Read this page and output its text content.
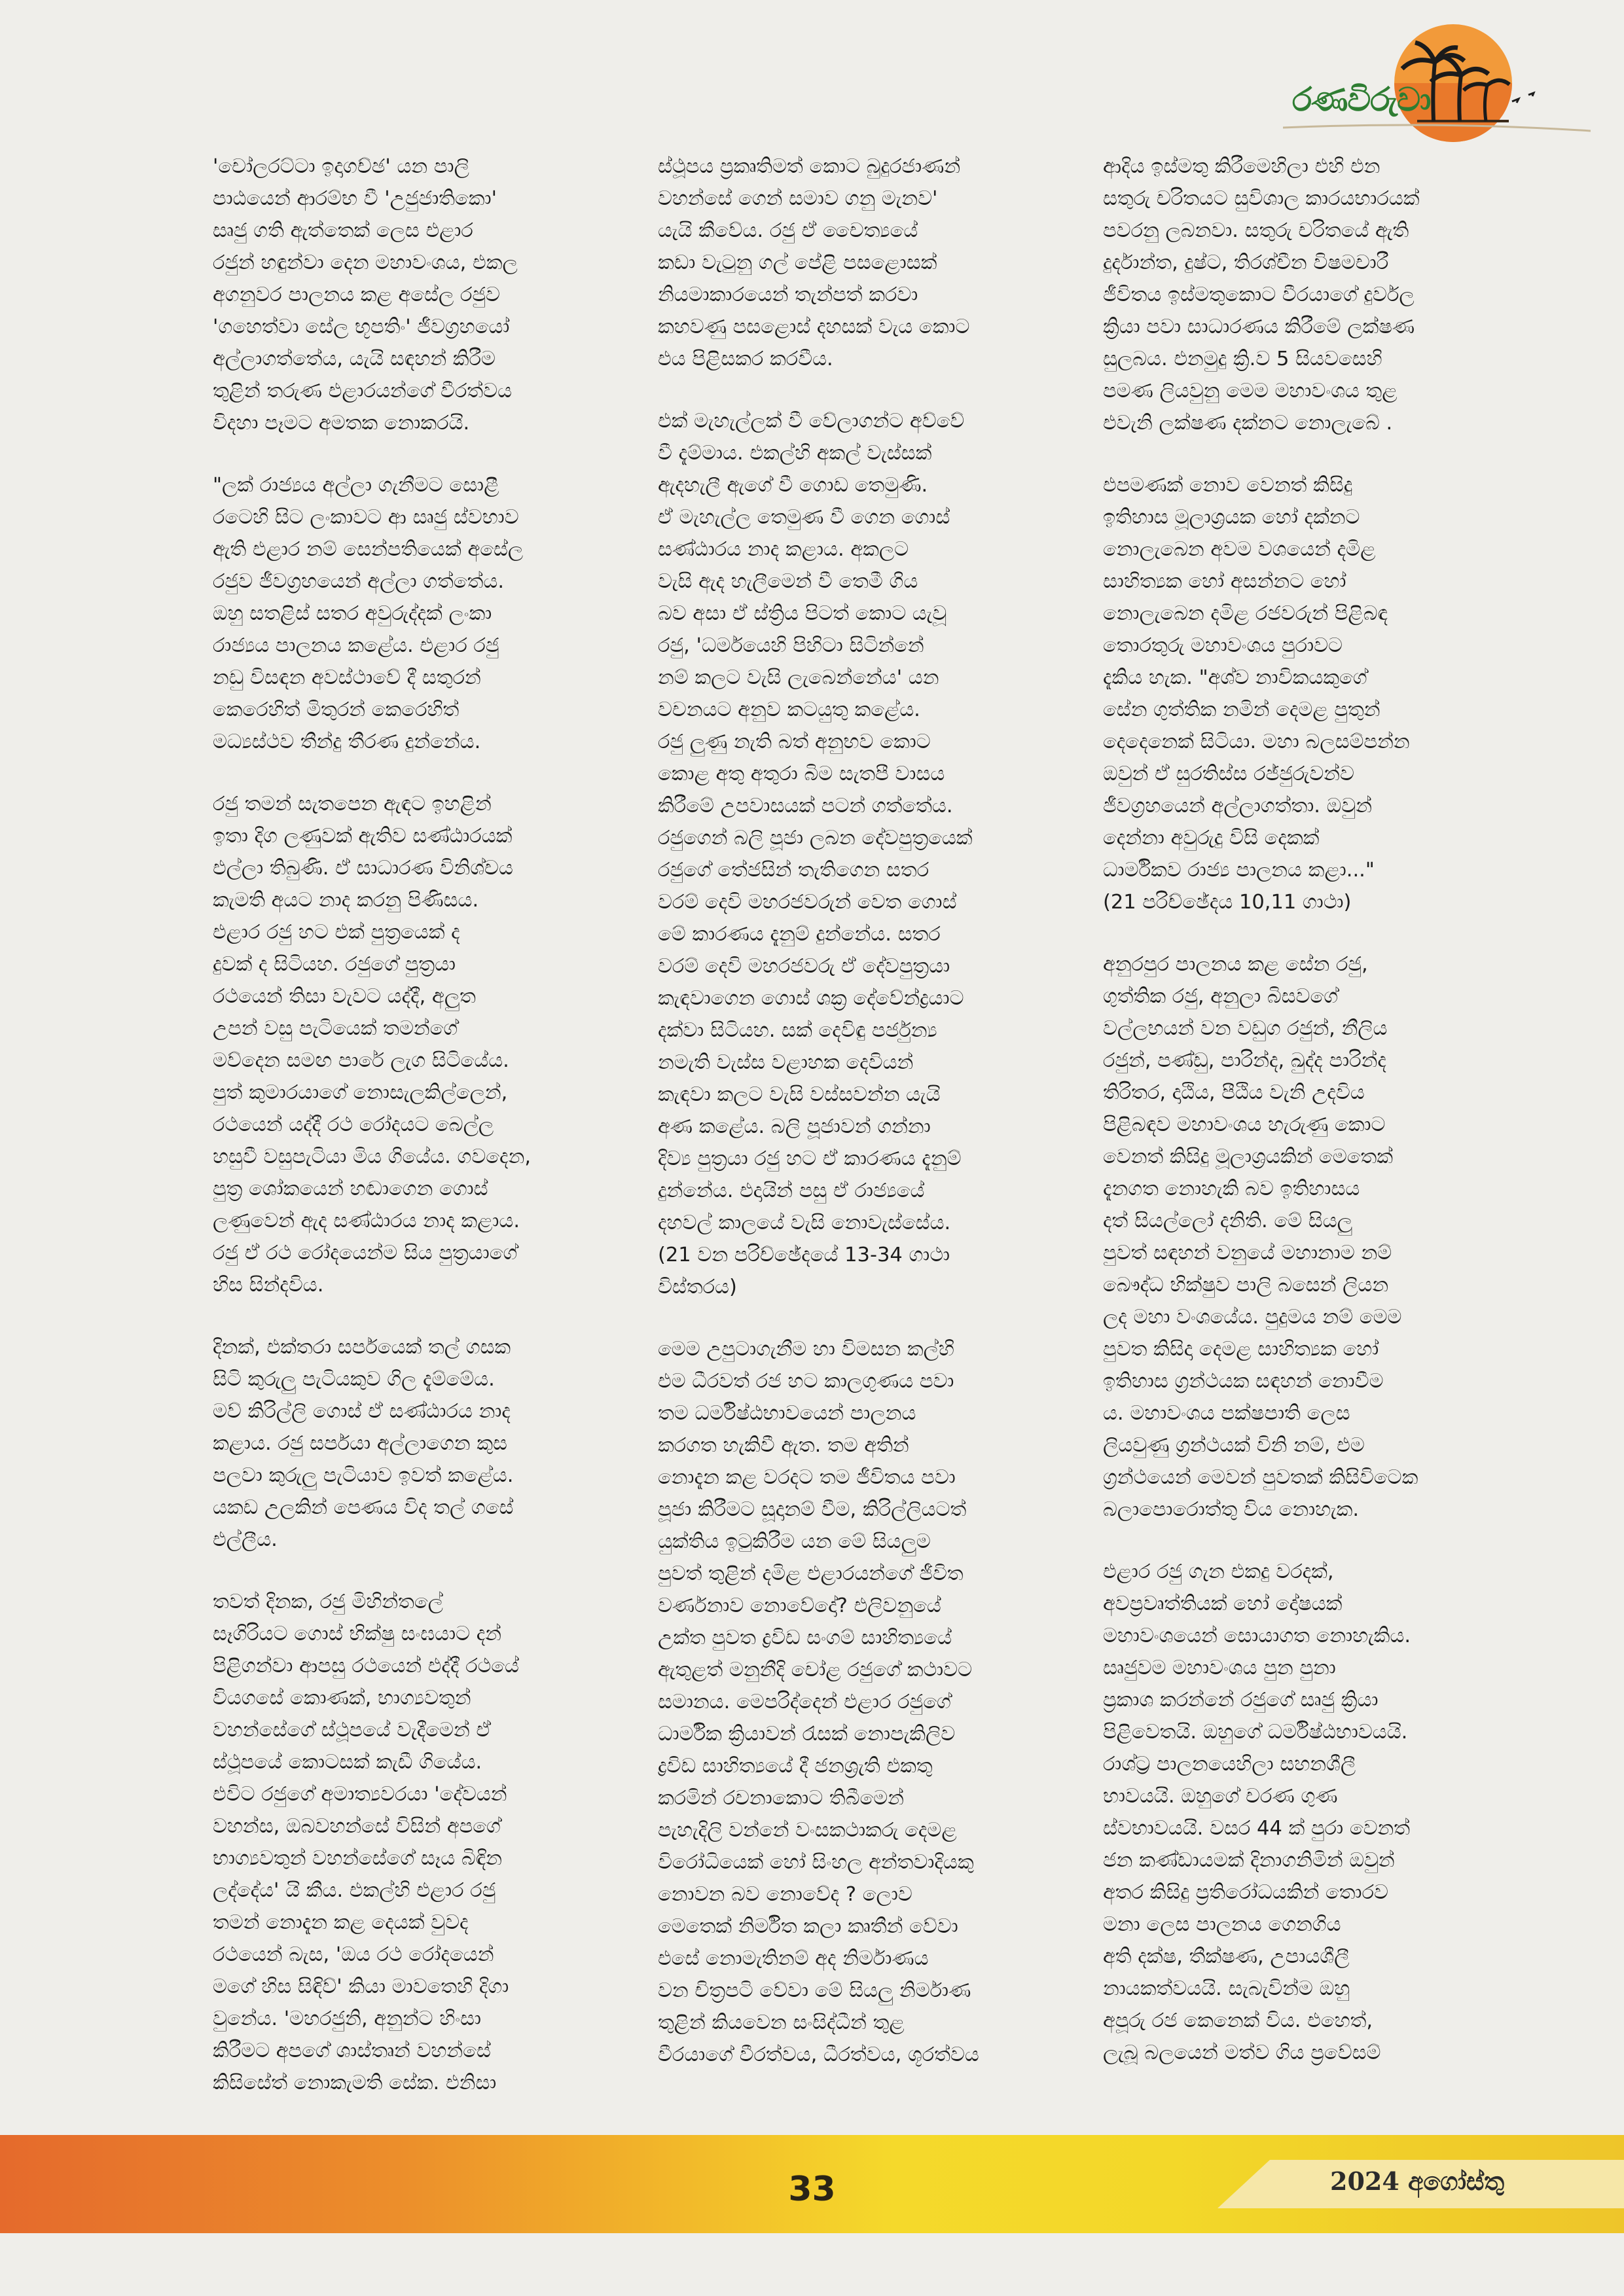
රණවිරුවා

'චෝලරට්ටා ඉදාගච්ඡ' යන පාලි
පාඨයෙන් ආරම්භ වී 'උජුජාතිකො'
සෘජු ගති ඇත්තෙක් ලෙස එළාර
රජුන් හඳුන්වා දෙන මහාවංශය, එකල
අගනුවර පාලනය කළ අසේල රජුව
'ගහෙත්වා සේල භූපතිං' ජීවග්‍රහයෝ
අල්ලාගත්තේය, යැයි සඳහන් කිරීම
තුළින් තරුණ එළාරයන්ගේ වීරත්වය
විදහා පෑමට අමතක නොකරයි.

"ලක් රාජ්‍යය අල්ලා ගැනීමට සොළී
රටෙහි සිට ලංකාවට ආ සෘජු ස්වභාව
ඇති එළාර නම් සෙන්පතියෙක් අසේල
රජුව ජීවග්‍රහයෙන් අල්ලා ගත්තේය.
ඔහු සතළිස් සතර අවුරුද්දක් ලංකා
රාජ්‍යය පාලනය කළේය. එළාර රජු
නඩු විසඳන අවස්ථාවේ දී සතුරන්
කෙරෙහිත් මිතුරන් කෙරෙහිත්
මධ්‍යස්ථව තීන්දු තීරණ දුන්නේය.

රජු තමන් සැතපෙන ඇඳට ඉහළින්
ඉතා දිග ලණුවක් ඇතිව සණ්ඨාරයක්
එල්ලා තිබුණි. ඒ සාධාරණ විනිශ්චය
කැමති අයට නාද කරනු පිණිසය.
එළාර රජු හට එක් පුත්‍රයෙක් ද
දුවක් ද සිටියහ. රජුගේ පුත්‍රයා
රථයෙන් තිසා වැවට යද්දී, අලුත
උපන් වසු පැටියෙක් තමන්ගේ
මව්දෙන සමඟ පාරේ ලැග සිටියේය.
පුත් කුමාරයාගේ නොසැලකිල්ලෙන්,
රථයෙන් යද්දී රථ රෝදයට බෙල්ල
හසුවී වසුපැටියා මිය ගියේය. ගවදෙන,
පුත්‍ර ශෝකයෙන් හඬාගෙන ගොස්
ලණුවෙන් ඇද සණ්ඨාරය නාද කළාය.
රජු ඒ රථ රෝදයෙන්ම සිය පුත්‍රයාගේ
හිස සින්දවිය.

දිනක්, එක්තරා සර්පයෙක් තල් ගසක
සිටි කුරුලු පැටියකුව ගිල දැම්මේය.
මව් කිරිල්ලි ගොස් ඒ සණ්ඨාරය නාද
කළාය. රජු සර්පයා අල්ලාගෙන කුස
පලවා කුරුලු පැටියාව ඉවත් කළේය.
යකඩ උලකින් පෙණය විද තල් ගසේ
එල්ලීය.

තවත් දිනක, රජු මිහින්තලේ
සෑගිරියට ගොස් භික්ෂු සංඝයාට දන්
පිළිගන්වා ආපසු රථයෙන් එද්දී රථයේ
වියගසේ කොණක්, භාග්‍යවතුන්
වහන්සේගේ ස්ථූපයේ වැදීමෙන් ඒ
ස්ථූපයේ කොටසක් කැඩී ගියේය.
එවිට රජුගේ අමාත්‍යවරයා 'දේවයන්
වහන්ස, ඔබවහන්සේ විසින් අපගේ
භාග්‍යවතුන් වහන්සේගේ සෑය බිඳින
ලද්දේය' යි කීය. එකල්හි එළාර රජු
තමන් නොදැන කළ දෙයක් වුවද
රථයෙන් බැස, 'ඔය රථ රෝදයෙන්
මගේ හිස සිඳිව්' කියා මාවතෙහි දිගා
වුනේය. 'මහරජුනි, අනුන්ට හිංසා
කිරීමට අපගේ ශාස්තෘන් වහන්සේ
කිසිසේත් නොකැමති සේක. එනිසා

ස්ථූපය ප්‍රකෘතිමත් කොට බුදුරජාණන්
වහන්සේ ගෙන් සමාව ගනු මැනව'
යැයි කීවේය. රජු ඒ චෛත්‍යයේ
කඩා වැටුනු ගල් පේළි පසළොසක්
නියමාකාරයෙන් තැන්පත් කරවා
කහවණු පසළොස් දහසක් වැය කොට
එය පිළිසකර කරවීය.

එක් මැහැල්ලක් වී වේලාගන්ට අව්වේ
වී දැම්මාය. එකල්හි අකල් වැස්සක්
ඇදහැලී ඇගේ වී ගොඩ තෙමුණි.
ඒ මැහැල්ල තෙමුණ වී ගෙන ගොස්
සණ්ඨාරය නාද කළාය. අකලට
වැසි ඇද හැලීමෙන් වී තෙමී ගිය
බව අසා ඒ ස්ත්‍රිය පිටත් කොට යැවූ
රජු, 'ධර්මයෙහි පිහිටා සිටින්නේ
නම් කලට වැසි ලැබෙන්නේය' යන
වචනයට අනුව කටයුතු කළේය.
රජු ලුණු නැති බත් අනුභව කොට
කොළ අතු අතුරා බිම සැතපී වාසය
කිරීමේ උපවාසයක් පටන් ගත්තේය.
රජුගෙන් බලි පූජා ලබන දේවපුත්‍රයෙක්
රජුගේ තේජසින් තැතිගෙන සතර
වරම් දෙවි මහරජවරුන් වෙත ගොස්
මේ කාරණය දැනුම් දුන්නේය. සතර
වරම් දෙවි මහරජවරු ඒ දේවපුත්‍රයා
කැඳවාගෙන ගොස් ශක්‍ර දේවේන්ද්‍රයාට
දක්වා සිටියහ. සක් දෙවිඳු පර්ජුන්‍ය
නමැති වැස්ස වළාහක දෙවියන්
කැඳවා කලට වැසි වස්සවන්න යැයි
අණ කළේය. බලි පූජාවන් ගන්නා
දිව්‍ය පුත්‍රයා රජු හට ඒ කාරණය දැනුම්
දුන්නේය. එදායින් පසු ඒ රාජ්‍යයේ
දහවල් කාලයේ වැසි නොවැස්සේය.
(21 වන පරිච්ඡේදයේ 13-34 ගාථා
විස්තරය)

මෙම උපුටාගැනීම හා විමසන කල්හි
එම ධීරවත් රජ හට කාලගුණය පවා
තම ධර්මිෂ්ඨභාවයෙන් පාලනය
කරගත හැකිවී ඇත. තම අතින්
නොදැන කළ වරදට තම ජීවිතය පවා
පූජා කිරීමට සූදානම් වීම, කිරිල්ලියටත්
යුක්තිය ඉටුකිරීම යන මේ සියලුම
පුවත් තුළින් දමිළ එළාරයන්ගේ ජීවිත
වර්ණනාව නොවේදෝ? එලිවනුයේ
උක්ත පුවත ද්‍රවිඩ සංගම් සාහිත්‍යයේ
ඇතුළත් මනුනීදි චෝළ රජුගේ කථාවට
සමානය. මෙපරිද්දෙන් එළාර රජුගේ
ධාර්මික ක්‍රියාවන් රැසක් නොපැකිලිව
ද්‍රවිඩ සාහිත්‍යයේ දී ජනශ්‍රැති එකතු
කරමින් රචනාකොට තිබීමෙන්
පැහැදිලි වන්නේ වංසකථාකරු දෙමළ
විරෝධියෙක් හෝ සිංහල අන්තවාදියකු
නොවන බව නොවේද ? ලොව
මෙතෙක් නිර්මිත කලා කෘතීන් වේවා
එසේ නොමැතිනම් අද නිර්මාණය
වන චිත්‍රපටි වේවා මේ සියලු නිර්මාණ
තුළින් කියවෙන සංසිද්ධීන් තුළ
වීරයාගේ වීරත්වය, ධීරත්වය, ශූරත්වය

ආදිය ඉස්මතු කිරීමෙහිලා එහි එන
සතුරු චරිතයට සුවිශාල කාරයභාරයක්
පවරනු ලබනවා. සතුරු චරිතයේ ඇති
දුර්දාන්ත, දුෂ්ට, තිරශ්චීන විෂමචාරී
ජීවිතය ඉස්මතුකොට වීරයාගේ දුර්වල
ක්‍රියා පවා සාධාරණය කිරීමේ ලක්ෂණ
සුලබය. එනමුදු ක්‍රි.ව 5 සියවසෙහි
පමණ ලියවුනු මෙම මහාවංශය තුළ
එවැනි ලක්ෂණ දක්නට නොලැබේ .

එපමණක් නොව වෙනත් කිසිදු
ඉතිහාස මූලාශ්‍රයක හෝ දක්නට
නොලැබෙන අවම වශයෙන් දමිළ
සාහිත්‍යක හෝ අසන්නට හෝ
නොලැබෙන දමිළ රජවරුන් පිළිබඳ
තොරතුරු මහාවංශය පුරාවට
දැකිය හැක. "අශ්ව නාවිකයකුගේ
සේන ගුත්තික නමින් දෙමළ පුතුන්
දෙදෙනෙක් සිටියා. මහා බලසම්පන්න
ඔවුන් ඒ සුරතිස්ස රජ්ජුරුවන්ව
ජීවග්‍රහයෙන් අල්ලාගත්තා. ඔවුන්
දෙන්නා අවුරුදු විසි දෙකක්
ධාර්මිකව රාජ්‍ය පාලනය කළා..."
(21 පරිච්ඡේදය 10,11 ගාථා)

අනුරපුර පාලනය කළ සේන රජු,
ගුත්තික රජු, අනුලා බිසවගේ
වල්ලභයන් වන වඩුග රජුන්, නීලිය
රජුන්, පණ්ඩු, පාරින්ද, ඛුද්ද පාරින්ද
තිරිතර, දාඨිය, පීඨිය වැනි උදවිය
පිළිබඳව මහාවංශය හැරුණු කොට
වෙනත් කිසිදු මූලාශ්‍රයකින් මෙතෙක්
දැනගත නොහැකි බව ඉතිහාසය
දත් සියල්ලෝ දනිති. මේ සියලු
පුවත් සඳහන් වනුයේ මහානාම නම්
බෞද්ධ භික්ෂුව පාලි බසෙන් ලියන
ලද මහා වංශයේය. පුදුමය නම් මෙම
පුවත කිසිදා දෙමළ සාහිත්‍යක හෝ
ඉතිහාස ග්‍රන්ථයක සඳහන් නොවීම
ය. මහාවංශය පක්ෂපාති ලෙස
ලියවුණු ග්‍රන්ථයක් විනි නම්, එම
ග්‍රන්ථයෙන් මෙවන් පුවතක් කිසිවිටෙක
බලාපොරොත්තු විය නොහැක.

එළාර රජු ගැන එකදු වරදක්,
අවප්‍රවෘත්තියක් හෝ දෝෂයක්
මහාවංශයෙන් සොයාගත නොහැකිය.
සෘජුවම මහාවංශය පුන පුනා
ප්‍රකාශ කරන්නේ රජුගේ සෘජු ක්‍රියා
පිළිවෙතයි. ඔහුගේ ධර්මිෂ්ඨභාවයයි.
රාශ්ට්‍ර පාලනයෙහිලා සහනශීලී
භාවයයි. ඔහුගේ චරණ ගුණ
ස්වභාවයයි. වසර 44 ක් පුරා වෙනත්
ජන කණ්ඩායමක් දිනාගනිමින් ඔවුන්
අතර කිසිදු ප්‍රතිරෝධයකින් තොරව
මනා ලෙස පාලනය ගෙනගිය
අති දක්ෂ, තීක්ෂණ, උපායශීලී
නායකත්වයයි. සැබැවින්ම ඔහු
අපූරු රජ කෙනෙක් විය. එහෙත්,
ලැබූ බලයෙන් මත්ව ගිය ප්‍රවේසම්

33	2024 අගෝස්තු
